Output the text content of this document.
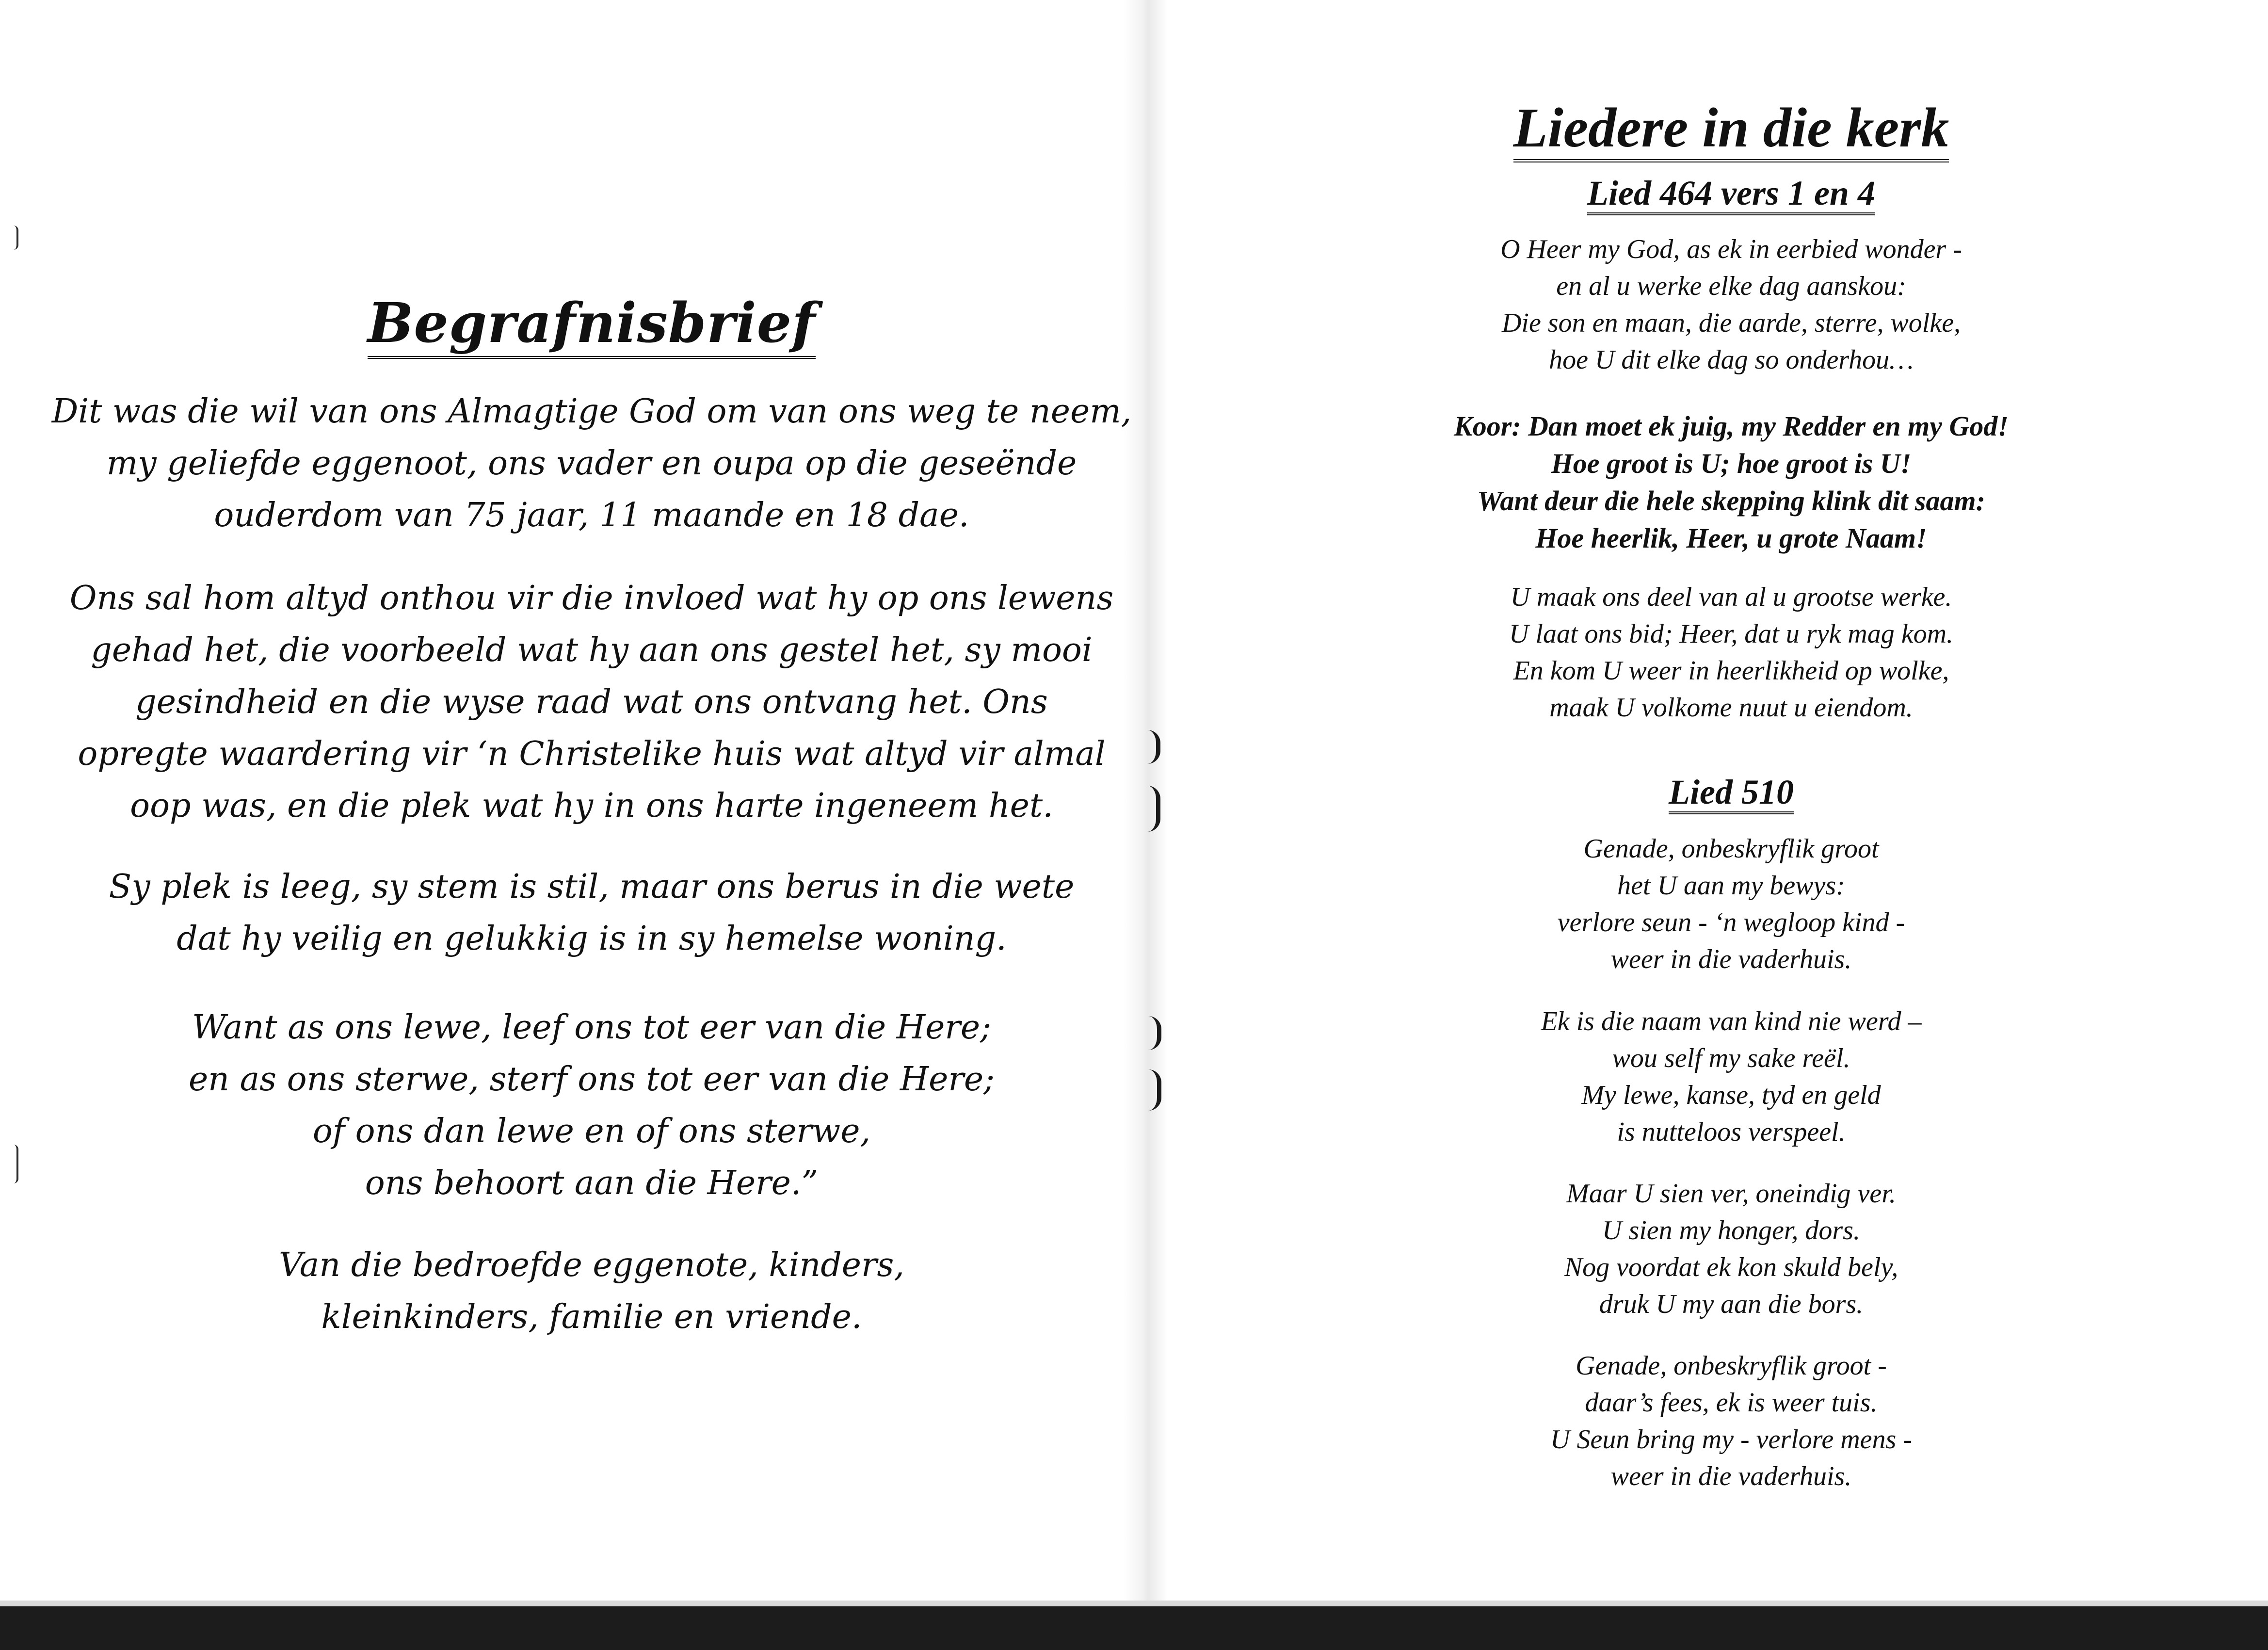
Begrafnisbrief
Dit was die wil van ons Almagtige God om van ons weg te neem,
my geliefde eggenoot, ons vader en oupa op die geseënde
ouderdom van 75 jaar, 11 maande en 18 dae.
Ons sal hom altyd onthou vir die invloed wat hy op ons lewens
gehad het, die voorbeeld wat hy aan ons gestel het, sy mooi
gesindheid en die wyse raad wat ons ontvang het. Ons
opregte waardering vir ‘n Christelike huis wat altyd vir almal
oop was, en die plek wat hy in ons harte ingeneem het.
Sy plek is leeg, sy stem is stil, maar ons berus in die wete
dat hy veilig en gelukkig is in sy hemelse woning.
Want as ons lewe, leef ons tot eer van die Here;
en as ons sterwe, sterf ons tot eer van die Here;
of ons dan lewe en of ons sterwe,
ons behoort aan die Here.”
Van die bedroefde eggenote, kinders,
kleinkinders, familie en vriende.
Liedere in die kerk
Lied 464 vers 1 en 4
O Heer my God, as ek in eerbied wonder -
en al u werke elke dag aanskou:
Die son en maan, die aarde, sterre, wolke,
hoe U dit elke dag so onderhou…
Koor: Dan moet ek juig, my Redder en my God!
Hoe groot is U; hoe groot is U!
Want deur die hele skepping klink dit saam:
Hoe heerlik, Heer, u grote Naam!
U maak ons deel van al u grootse werke.
U laat ons bid; Heer, dat u ryk mag kom.
En kom U weer in heerlikheid op wolke,
maak U volkome nuut u eiendom.
Lied 510
Genade, onbeskryflik groot
het U aan my bewys:
verlore seun - ‘n wegloop kind -
weer in die vaderhuis.
Ek is die naam van kind nie werd –
wou self my sake reël.
My lewe, kanse, tyd en geld
is nutteloos verspeel.
Maar U sien ver, oneindig ver.
U sien my honger, dors.
Nog voordat ek kon skuld bely,
druk U my aan die bors.
Genade, onbeskryflik groot -
daar’s fees, ek is weer tuis.
U Seun bring my - verlore mens -
weer in die vaderhuis.
